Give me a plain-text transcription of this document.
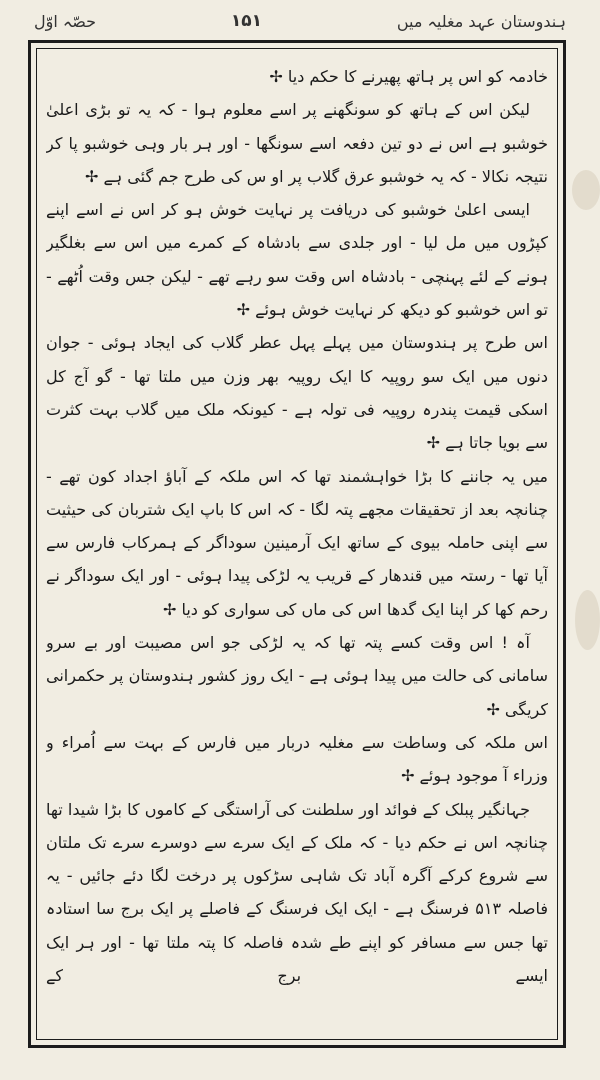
ہندوستان عہد مغلیہ میں
۱۵۱
حصّہ اوّل

خادمہ کو اس پر ہاتھ پھیرنے کا حکم دیا ✢

لیکن اس کے ہاتھ کو سونگھنے پر اسے معلوم ہوا - کہ یہ تو بڑی اعلیٰ خوشبو ہے اس نے دو تین دفعہ اسے سونگھا - اور ہر بار وہی خوشبو پا کر نتیجہ نکالا - کہ یہ خوشبو عرق گلاب پر او س کی طرح جم گئی ہے ✢

ایسی اعلیٰ خوشبو کی دریافت پر نہایت خوش ہو کر اس نے اسے اپنے کپڑوں میں مل لیا - اور جلدی سے بادشاہ کے کمرے میں اس سے بغلگیر ہونے کے لئے پہنچی - بادشاہ اس وقت سو رہے تھے - لیکن جس وقت اُٹھے - تو اس خوشبو کو دیکھ کر نہایت خوش ہوئے ✢

اس طرح پر ہندوستان میں پہلے پہل عطر گلاب کی ایجاد ہوئی - جوان دنوں میں ایک سو روپیہ کا ایک روپیہ بھر وزن میں ملتا تھا - گو آج کل اسکی قیمت پندرہ روپیہ فی تولہ ہے - کیونکہ ملک میں گلاب بہت کثرت سے بویا جاتا ہے ✢

میں یہ جاننے کا بڑا خواہشمند تھا کہ اس ملکہ کے آباؤ اجداد کون تھے - چنانچہ بعد از تحقیقات مجھے پتہ لگا - کہ اس کا باپ ایک شتربان کی حیثیت سے اپنی حاملہ بیوی کے ساتھ ایک آرمینین سوداگر کے ہمرکاب فارس سے آیا تھا - رستہ میں قندھار کے قریب یہ لڑکی پیدا ہوئی - اور ایک سوداگر نے رحم کھا کر اپنا ایک گدھا اس کی ماں کی سواری کو دیا ✢

آہ ! اس وقت کسے پتہ تھا کہ یہ لڑکی جو اس مصیبت اور بے سرو سامانی کی حالت میں پیدا ہوئی ہے - ایک روز کشور ہندوستان پر حکمرانی کریگی ✢

اس ملکہ کی وساطت سے مغلیہ دربار میں فارس کے بہت سے اُمراء و وزراء آ موجود ہوئے ✢

جہانگیر پبلک کے فوائد اور سلطنت کی آراستگی کے کاموں کا بڑا شیدا تھا چنانچہ اس نے حکم دیا - کہ ملک کے ایک سرے سے دوسرے سرے تک ملتان سے شروع کرکے آگرہ آباد تک شاہی سڑکوں پر درخت لگا دئے جائیں - یہ فاصلہ ۵۱۳ فرسنگ ہے - ایک ایک فرسنگ کے فاصلے پر ایک برج سا استادہ تھا جس سے مسافر کو اپنے طے شدہ فاصلہ کا پتہ ملتا تھا - اور ہر ایک ایسے برج کے
